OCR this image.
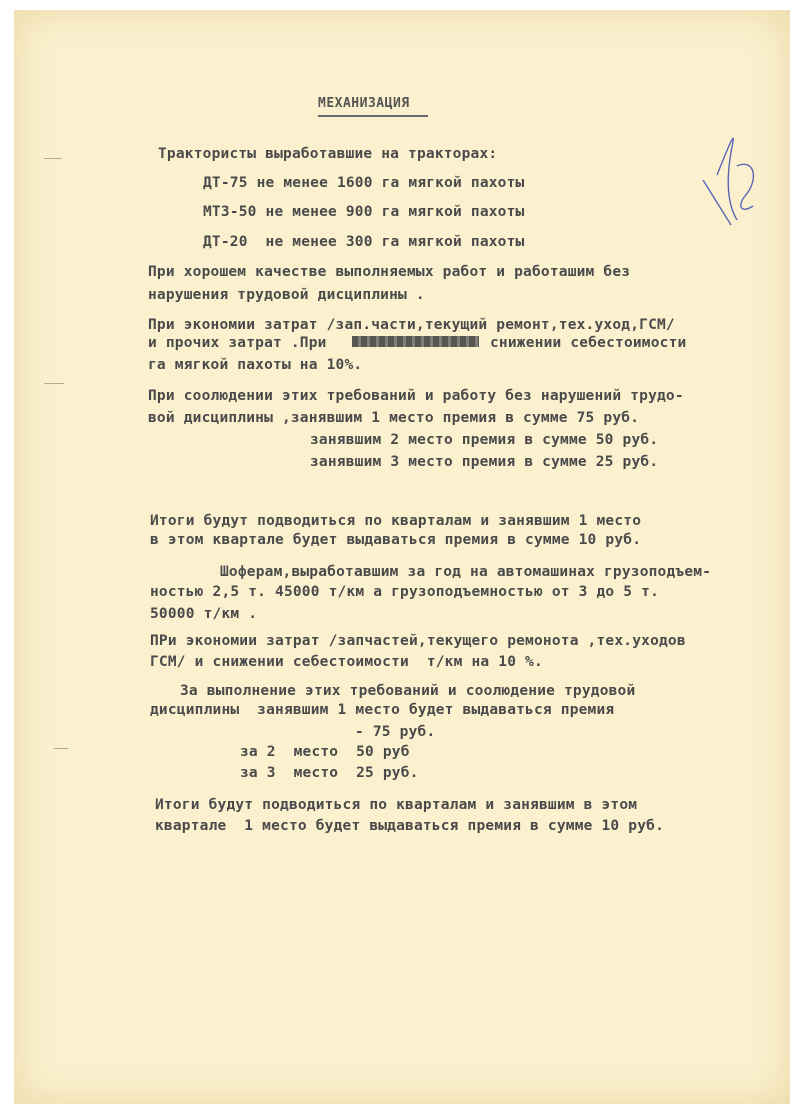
МЕХАНИЗАЦИЯ
Трактористы выработавшие на тракторах:
ДТ-75 не менее 1600 га мягкой пахоты
МТЗ-50 не менее 900 га мягкой пахоты
ДТ-20  не менее 300 га мягкой пахоты
При хорошем качестве выполняемых работ и работашим без
нарушения трудовой дисциплины .
При экономии затрат /зап.части,текущий ремонт,тех.уход,ГСМ/
и прочих затрат .При	снижении себестоимости
га мягкой пахоты на 10%.
При соолюдении этих требований и работу без нарушений трудо-
вой дисциплины ,занявшим 1 место премия в сумме 75 руб.
занявшим 2 место премия в сумме 50 руб.
занявшим 3 место премия в сумме 25 руб.
Итоги будут подводиться по кварталам и занявшим 1 место
в этом квартале будет выдаваться премия в сумме 10 руб.
Шоферам,выработавшим за год на автомашинах грузоподъем-
ностью 2,5 т. 45000 т/км а грузоподъемностью от 3 до 5 т.
50000 т/км .
ПРи экономии затрат /запчастей,текущего ремонота ,тех.уходов
ГСМ/ и снижении себестоимости  т/км на 10 %.
За выполнение этих требований и соолюдение трудовой
дисциплины  занявшим 1 место будет выдаваться премия
- 75 руб.
за 2  место  50 руб
за 3  место  25 руб.
Итоги будут подводиться по кварталам и занявшим в этом
квартале  1 место будет выдаваться премия в сумме 10 руб.
